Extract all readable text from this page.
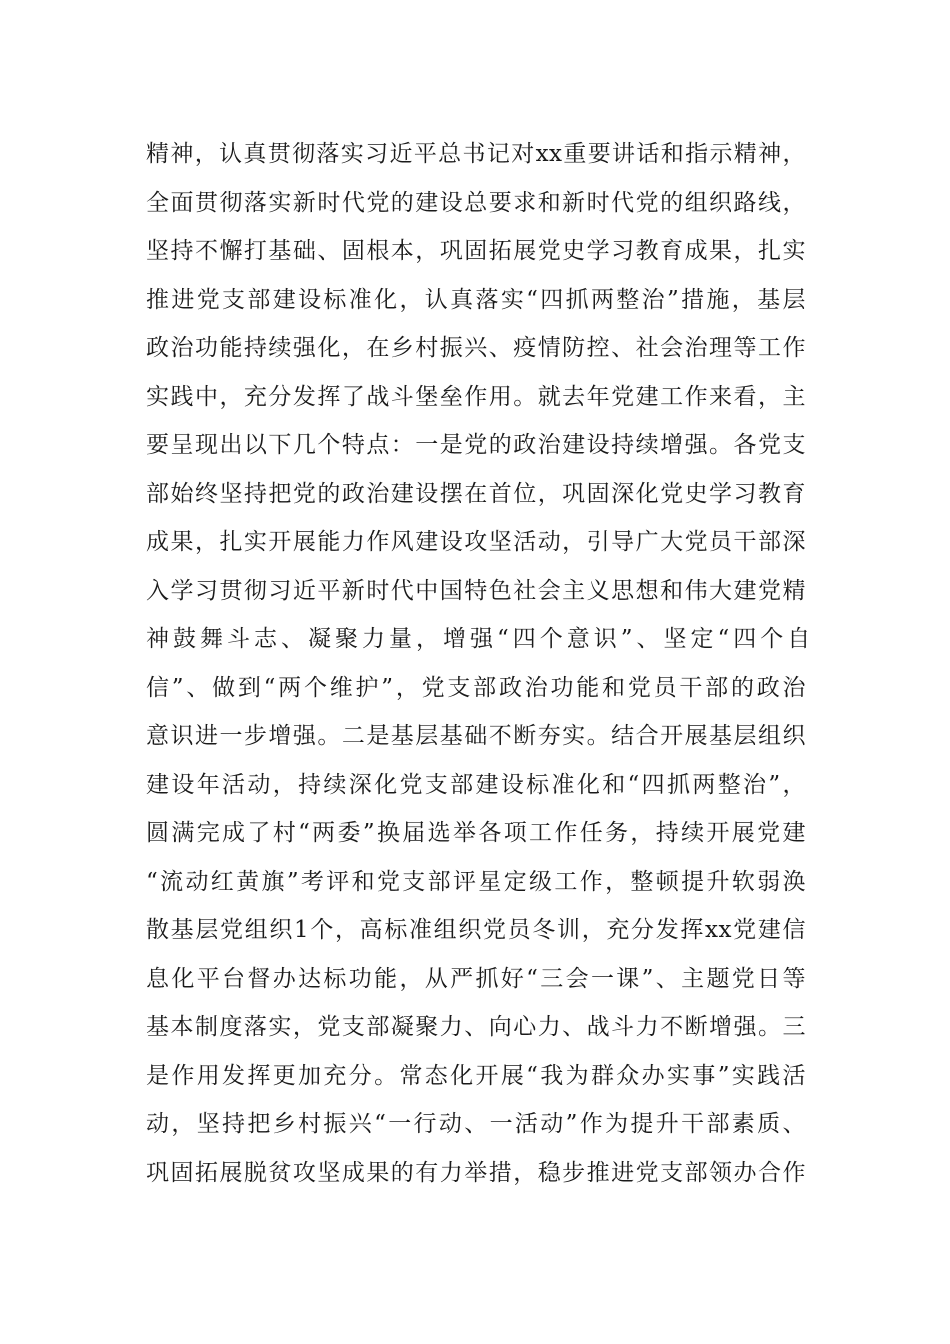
精神，认真贯彻落实习近平总书记对xx重要讲话和指示精神，
全面贯彻落实新时代党的建设总要求和新时代党的组织路线，
坚持不懈打基础、固根本，巩固拓展党史学习教育成果，扎实
推进党支部建设标准化，认真落实“四抓两整治”措施，基层
政治功能持续强化，在乡村振兴、疫情防控、社会治理等工作
实践中，充分发挥了战斗堡垒作用。就去年党建工作来看，主
要呈现出以下几个特点：一是党的政治建设持续增强。各党支
部始终坚持把党的政治建设摆在首位，巩固深化党史学习教育
成果，扎实开展能力作风建设攻坚活动，引导广大党员干部深
入学习贯彻习近平新时代中国特色社会主义思想和伟大建党精
神鼓舞斗志、凝聚力量，增强“四个意识”、坚定“四个自
信”、做到“两个维护”，党支部政治功能和党员干部的政治
意识进一步增强。二是基层基础不断夯实。结合开展基层组织
建设年活动，持续深化党支部建设标准化和“四抓两整治”，
圆满完成了村“两委”换届选举各项工作任务，持续开展党建
“流动红黄旗”考评和党支部评星定级工作，整顿提升软弱涣
散基层党组织1个，高标准组织党员冬训，充分发挥xx党建信
息化平台督办达标功能，从严抓好“三会一课”、主题党日等
基本制度落实，党支部凝聚力、向心力、战斗力不断增强。三
是作用发挥更加充分。常态化开展“我为群众办实事”实践活
动，坚持把乡村振兴“一行动、一活动”作为提升干部素质、
巩固拓展脱贫攻坚成果的有力举措，稳步推进党支部领办合作
